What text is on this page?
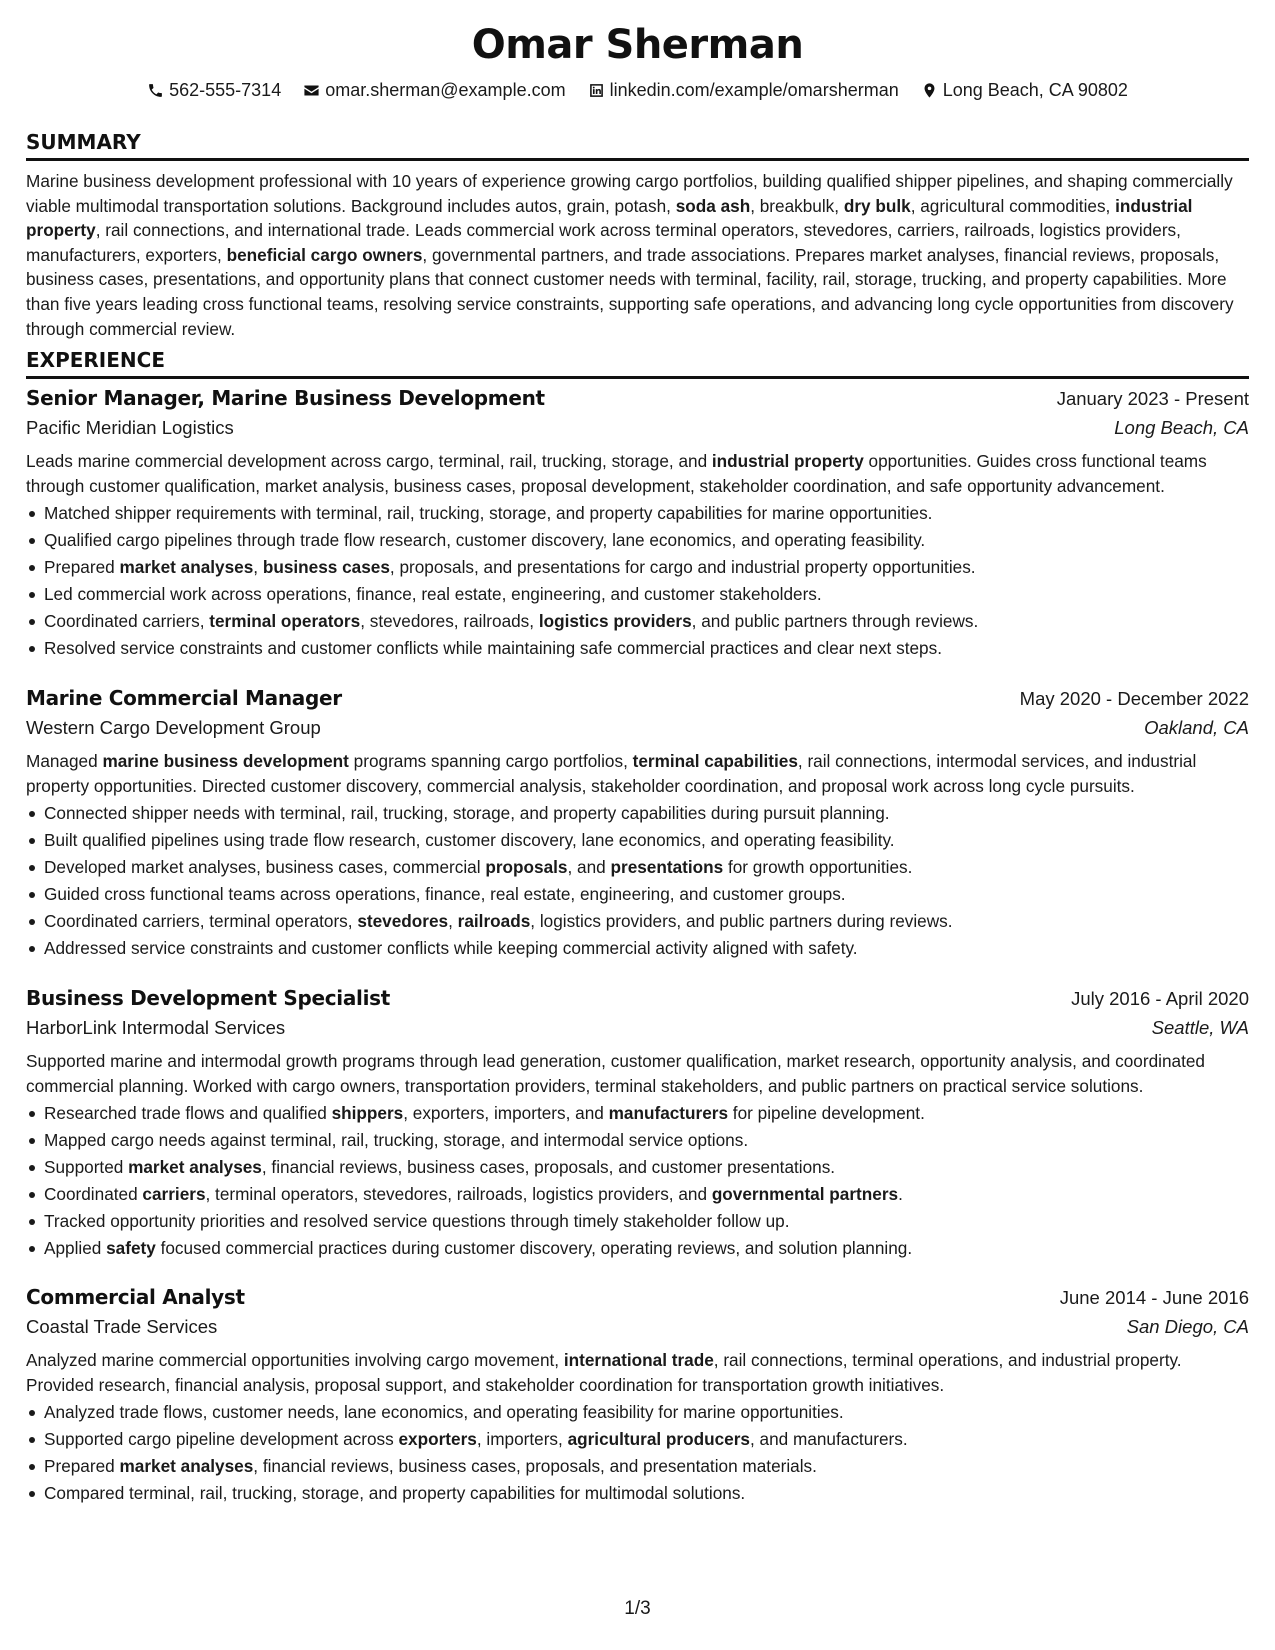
Omar Sherman
562-555-7314 omar.sherman@example.com linkedin.com/example/omarsherman Long Beach, CA 90802
SUMMARY
Marine business development professional with 10 years of experience growing cargo portfolios, building qualified shipper pipelines, and shaping commercially viable multimodal transportation solutions. Background includes autos, grain, potash, soda ash, breakbulk, dry bulk, agricultural commodities, industrial property, rail connections, and international trade. Leads commercial work across terminal operators, stevedores, carriers, railroads, logistics providers, manufacturers, exporters, beneficial cargo owners, governmental partners, and trade associations. Prepares market analyses, financial reviews, proposals, business cases, presentations, and opportunity plans that connect customer needs with terminal, facility, rail, storage, trucking, and property capabilities. More than five years leading cross functional teams, resolving service constraints, supporting safe operations, and advancing long cycle opportunities from discovery through commercial review.
EXPERIENCE
Senior Manager, Marine Business Development	January 2023 - Present
Pacific Meridian Logistics	Long Beach, CA
Leads marine commercial development across cargo, terminal, rail, trucking, storage, and industrial property opportunities. Guides cross functional teams through customer qualification, market analysis, business cases, proposal development, stakeholder coordination, and safe opportunity advancement.
Matched shipper requirements with terminal, rail, trucking, storage, and property capabilities for marine opportunities.
Qualified cargo pipelines through trade flow research, customer discovery, lane economics, and operating feasibility.
Prepared market analyses, business cases, proposals, and presentations for cargo and industrial property opportunities.
Led commercial work across operations, finance, real estate, engineering, and customer stakeholders.
Coordinated carriers, terminal operators, stevedores, railroads, logistics providers, and public partners through reviews.
Resolved service constraints and customer conflicts while maintaining safe commercial practices and clear next steps.
Marine Commercial Manager	May 2020 - December 2022
Western Cargo Development Group	Oakland, CA
Managed marine business development programs spanning cargo portfolios, terminal capabilities, rail connections, intermodal services, and industrial property opportunities. Directed customer discovery, commercial analysis, stakeholder coordination, and proposal work across long cycle pursuits.
Connected shipper needs with terminal, rail, trucking, storage, and property capabilities during pursuit planning.
Built qualified pipelines using trade flow research, customer discovery, lane economics, and operating feasibility.
Developed market analyses, business cases, commercial proposals, and presentations for growth opportunities.
Guided cross functional teams across operations, finance, real estate, engineering, and customer groups.
Coordinated carriers, terminal operators, stevedores, railroads, logistics providers, and public partners during reviews.
Addressed service constraints and customer conflicts while keeping commercial activity aligned with safety.
Business Development Specialist	July 2016 - April 2020
HarborLink Intermodal Services	Seattle, WA
Supported marine and intermodal growth programs through lead generation, customer qualification, market research, opportunity analysis, and coordinated commercial planning. Worked with cargo owners, transportation providers, terminal stakeholders, and public partners on practical service solutions.
Researched trade flows and qualified shippers, exporters, importers, and manufacturers for pipeline development.
Mapped cargo needs against terminal, rail, trucking, storage, and intermodal service options.
Supported market analyses, financial reviews, business cases, proposals, and customer presentations.
Coordinated carriers, terminal operators, stevedores, railroads, logistics providers, and governmental partners.
Tracked opportunity priorities and resolved service questions through timely stakeholder follow up.
Applied safety focused commercial practices during customer discovery, operating reviews, and solution planning.
Commercial Analyst	June 2014 - June 2016
Coastal Trade Services	San Diego, CA
Analyzed marine commercial opportunities involving cargo movement, international trade, rail connections, terminal operations, and industrial property. Provided research, financial analysis, proposal support, and stakeholder coordination for transportation growth initiatives.
Analyzed trade flows, customer needs, lane economics, and operating feasibility for marine opportunities.
Supported cargo pipeline development across exporters, importers, agricultural producers, and manufacturers.
Prepared market analyses, financial reviews, business cases, proposals, and presentation materials.
Compared terminal, rail, trucking, storage, and property capabilities for multimodal solutions.
1/3
